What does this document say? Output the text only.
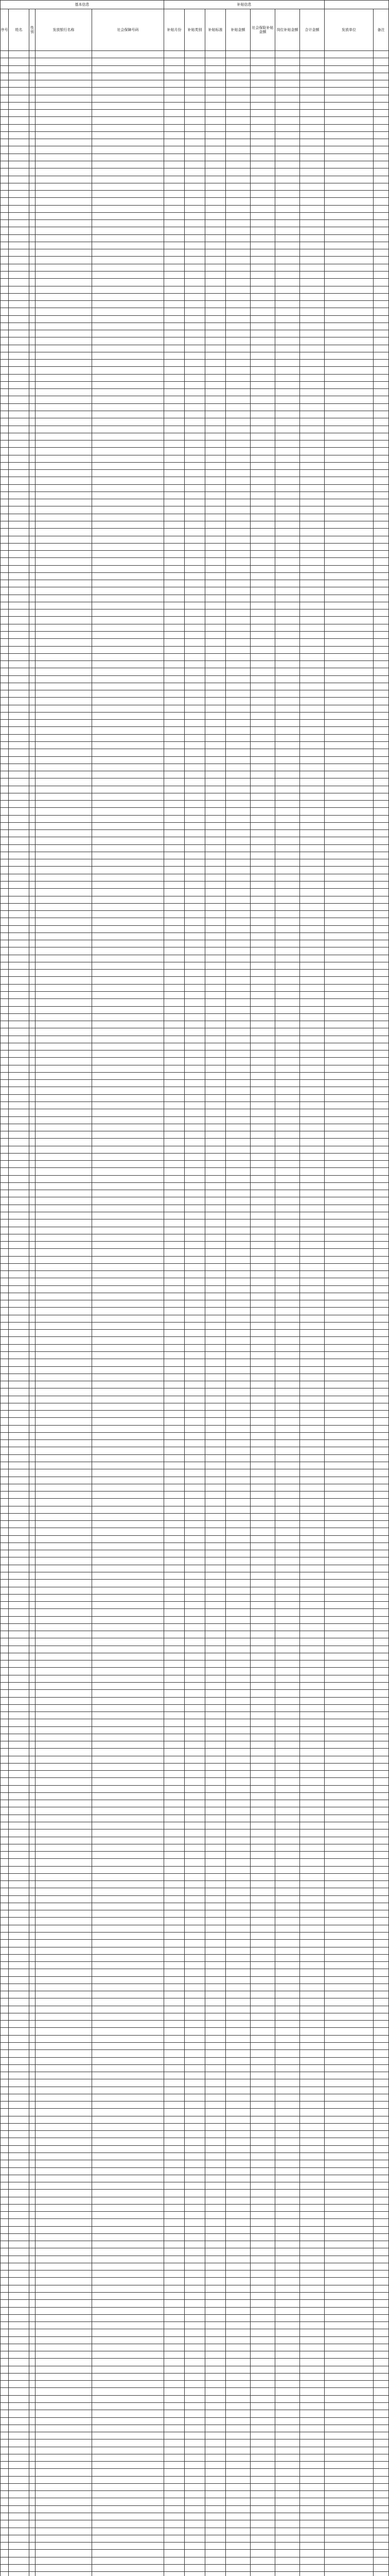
基本信息					补贴信息								
序号	姓名	性别	发放银行名称	社会保障号码	补贴月份	补贴类别	补贴标准	补贴金额	社会保险补贴金额	岗位补贴金额	合计金额	发放单位	备注
